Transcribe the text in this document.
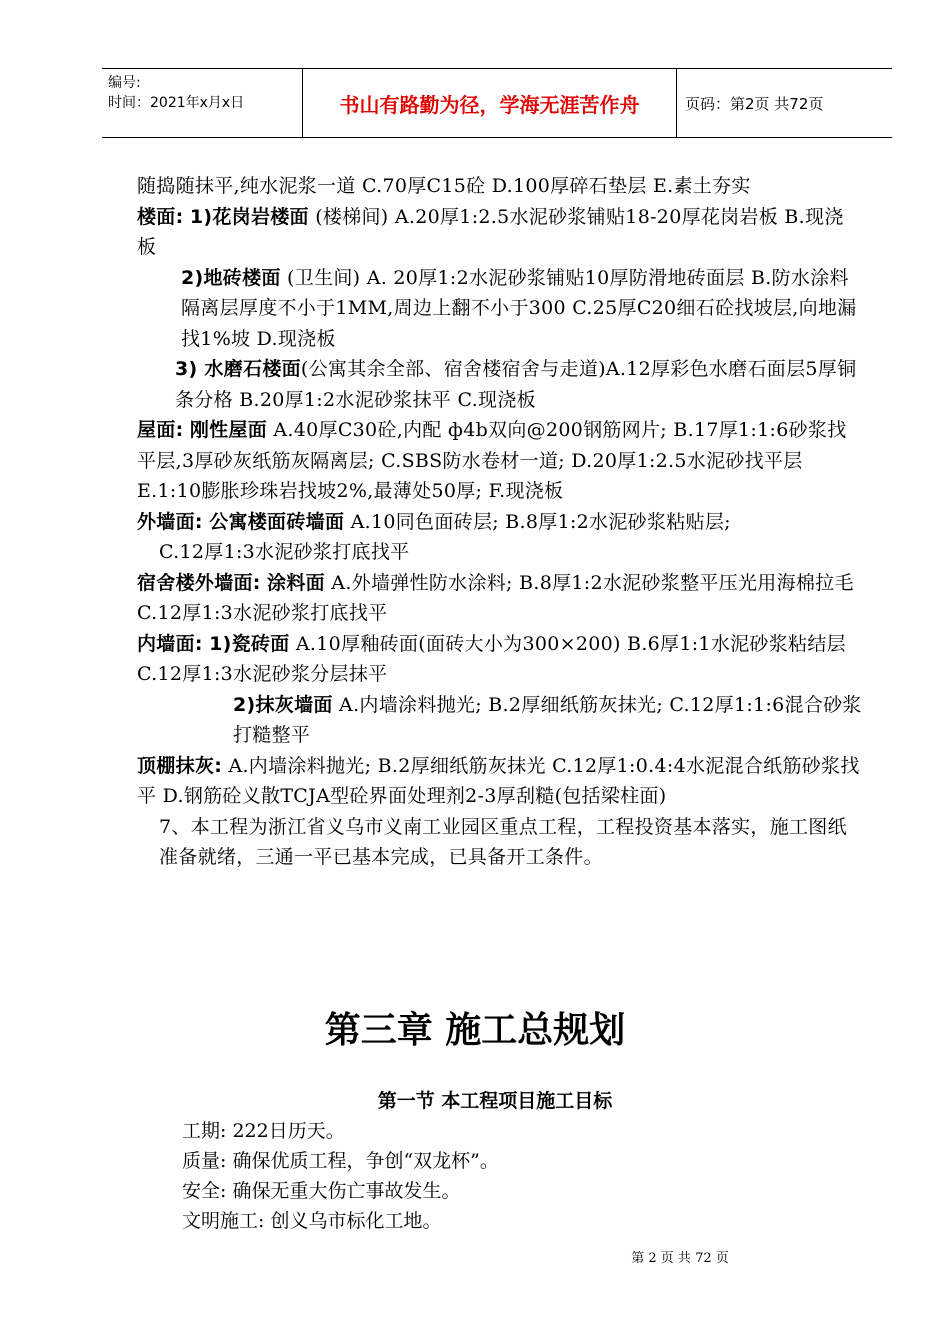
编号:
时间：2021年x月x日	书山有路勤为径，学海无涯苦作舟	页码：第2页 共72页

随捣随抹平,纯水泥浆一道 C.70厚C15砼 D.100厚碎石垫层 E.素土夯实

楼面: 1)花岗岩楼面 (楼梯间) A.20厚1:2.5水泥砂浆铺贴18-20厚花岗岩板 B.现浇板

2)地砖楼面 (卫生间) A. 20厚1:2水泥砂浆铺贴10厚防滑地砖面层 B.防水涂料隔离层厚度不小于1MM,周边上翻不小于300 C.25厚C20细石砼找坡层,向地漏找1%坡 D.现浇板

3) 水磨石楼面(公寓其余全部、宿舍楼宿舍与走道)A.12厚彩色水磨石面层5厚铜条分格 B.20厚1:2水泥砂浆抹平 C.现浇板

屋面: 刚性屋面 A.40厚C30砼,内配 ф4b双向@200钢筋网片; B.17厚1:1:6砂浆找平层,3厚砂灰纸筋灰隔离层; C.SBS防水卷材一道; D.20厚1:2.5水泥砂找平层 E.1:10膨胀珍珠岩找坡2%,最薄处50厚; F.现浇板

外墙面: 公寓楼面砖墙面 A.10同色面砖层; B.8厚1:2水泥砂浆粘贴层;

C.12厚1:3水泥砂浆打底找平

宿舍楼外墙面: 涂料面 A.外墙弹性防水涂料; B.8厚1:2水泥砂浆整平压光用海棉拉毛 C.12厚1:3水泥砂浆打底找平

内墙面: 1)瓷砖面 A.10厚釉砖面(面砖大小为300×200) B.6厚1:1水泥砂浆粘结层 C.12厚1:3水泥砂浆分层抹平

2)抹灰墙面 A.内墙涂料抛光; B.2厚细纸筋灰抹光; C.12厚1:1:6混合砂浆打糙整平

顶棚抹灰: A.内墙涂料抛光; B.2厚细纸筋灰抹光 C.12厚1:0.4:4水泥混合纸筋砂浆找平 D.钢筋砼义散TCJA型砼界面处理剂2-3厚刮糙(包括梁柱面)

7、本工程为浙江省义乌市义南工业园区重点工程，工程投资基本落实，施工图纸准备就绪，三通一平已基本完成，已具备开工条件。

第三章 施工总规划
第一节 本工程项目施工目标

工期: 222日历天。

质量: 确保优质工程，争创“双龙杯”。

安全: 确保无重大伤亡事故发生。

文明施工: 创义乌市标化工地。

第 2 页 共 72 页
